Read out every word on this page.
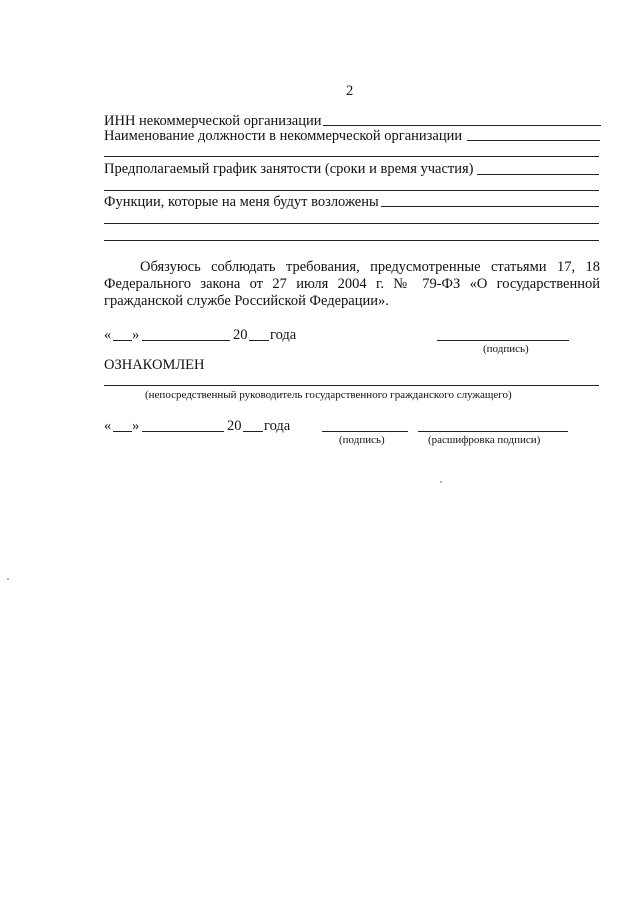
2
ИНН некоммерческой организации
Наименование должности в некоммерческой организации
Предполагаемый график занятости (сроки и время участия)
Функции, которые на меня будут возложены
Обязуюсь соблюдать требования, предусмотренные статьями 17, 18 Федерального закона от 27 июля 2004 г. № 79-ФЗ «О государственной гражданской службе Российской Федерации».
« »	20 года
(подпись)
ОЗНАКОМЛЕН
(непосредственный руководитель государственного гражданского служащего)
« »	20 года
(подпись)	(расшифровка подписи)
